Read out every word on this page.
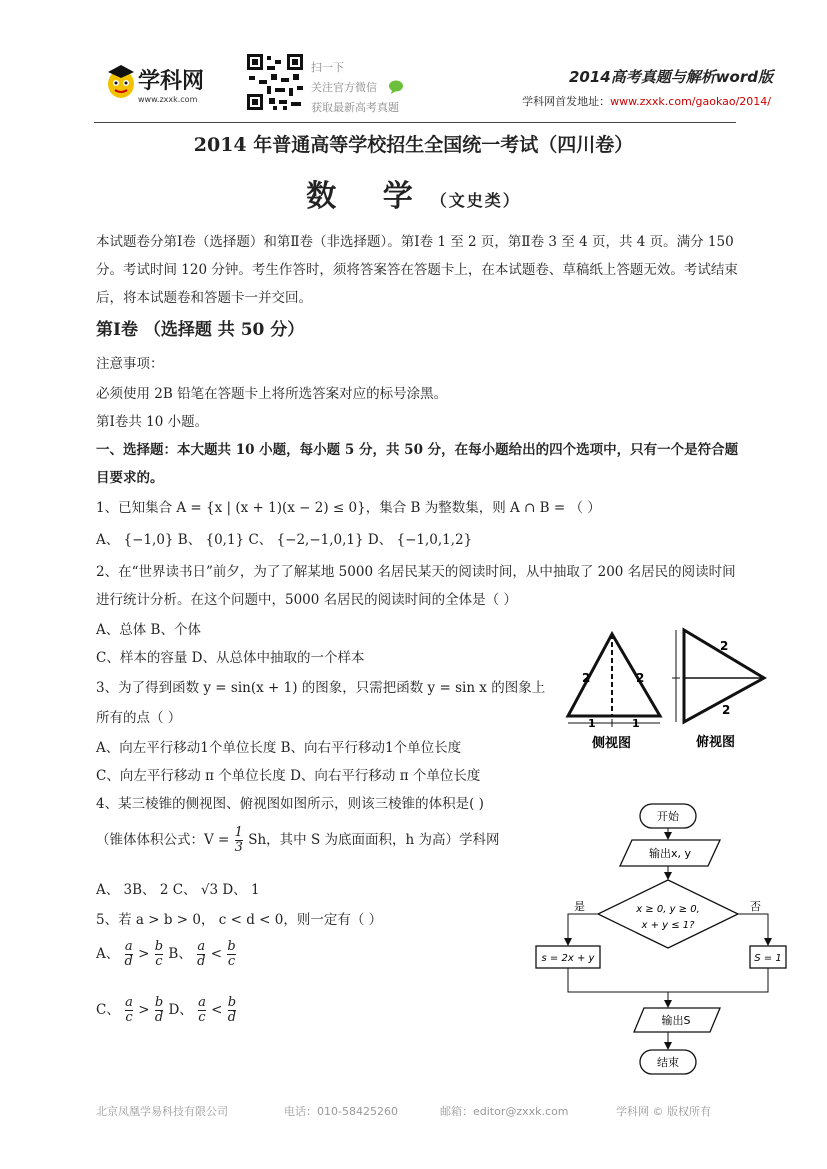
学科网
www.zxxk.com
扫一下
关注官方微信
获取最新高考真题
2014高考真题与解析word版
学科网首发地址：www.zxxk.com/gaokao/2014/
2014 年普通高等学校招生全国统一考试（四川卷）
数 学（文史类）
本试题卷分第Ⅰ卷（选择题）和第Ⅱ卷（非选择题）。第Ⅰ卷 1 至 2 页，第Ⅱ卷 3 至 4 页，共 4 页。满分 150 分。考试时间 120 分钟。考生作答时，须将答案答在答题卡上，在本试题卷、草稿纸上答题无效。考试结束后，将本试题卷和答题卡一并交回。
第Ⅰ卷 （选择题 共 50 分）
注意事项：
必须使用 2B 铅笔在答题卡上将所选答案对应的标号涂黑。
第Ⅰ卷共 10 小题。
一、选择题：本大题共 10 小题，每小题 5 分，共 50 分，在每小题给出的四个选项中，只有一个是符合题目要求的。
1、已知集合 A = {x | (x + 1)(x − 2) ≤ 0}，集合 B 为整数集，则 A ∩ B = （ ）
A、 {−1,0} B、 {0,1} C、 {−2,−1,0,1} D、 {−1,0,1,2}
2、在“世界读书日”前夕，为了了解某地 5000 名居民某天的阅读时间，从中抽取了 200 名居民的阅读时间进行统计分析。在这个问题中，5000 名居民的阅读时间的全体是（ ）
A、总体 B、个体
C、样本的容量 D、从总体中抽取的一个样本
3、为了得到函数 y = sin(x + 1) 的图象，只需把函数 y = sin x 的图象上
所有的点（ ）
A、向左平行移动1个单位长度 B、向右平行移动1个单位长度
C、向左平行移动 π 个单位长度 D、向右平行移动 π 个单位长度
4、某三棱锥的侧视图、俯视图如图所示，则该三棱锥的体积是( )
（锥体体积公式：$V = \frac{1}{3}$ Sh，其中 S 为底面面积，h 为高）学科网
A、 3B、 2 C、 √3 D、 1
5、若 a > b > 0， c < d < 0，则一定有（ ）
A、 $\frac{a}{d} > \frac{b}{c}$ B、 $\frac{a}{d} < \frac{b}{c}$
C、 $\frac{a}{c} > \frac{b}{d}$ D、 $\frac{a}{c} < \frac{b}{d}$
2	2
1	1
侧视图
2
2
俯视图
开始
输出x, y
x ≥ 0, y ≥ 0,
x + y ≤ 1?
是	否
s = 2x + y	S = 1
输出S
结束
北京凤凰学易科技有限公司	电话：010-58425260	邮箱：editor@zxxk.com	学科网 © 版权所有
